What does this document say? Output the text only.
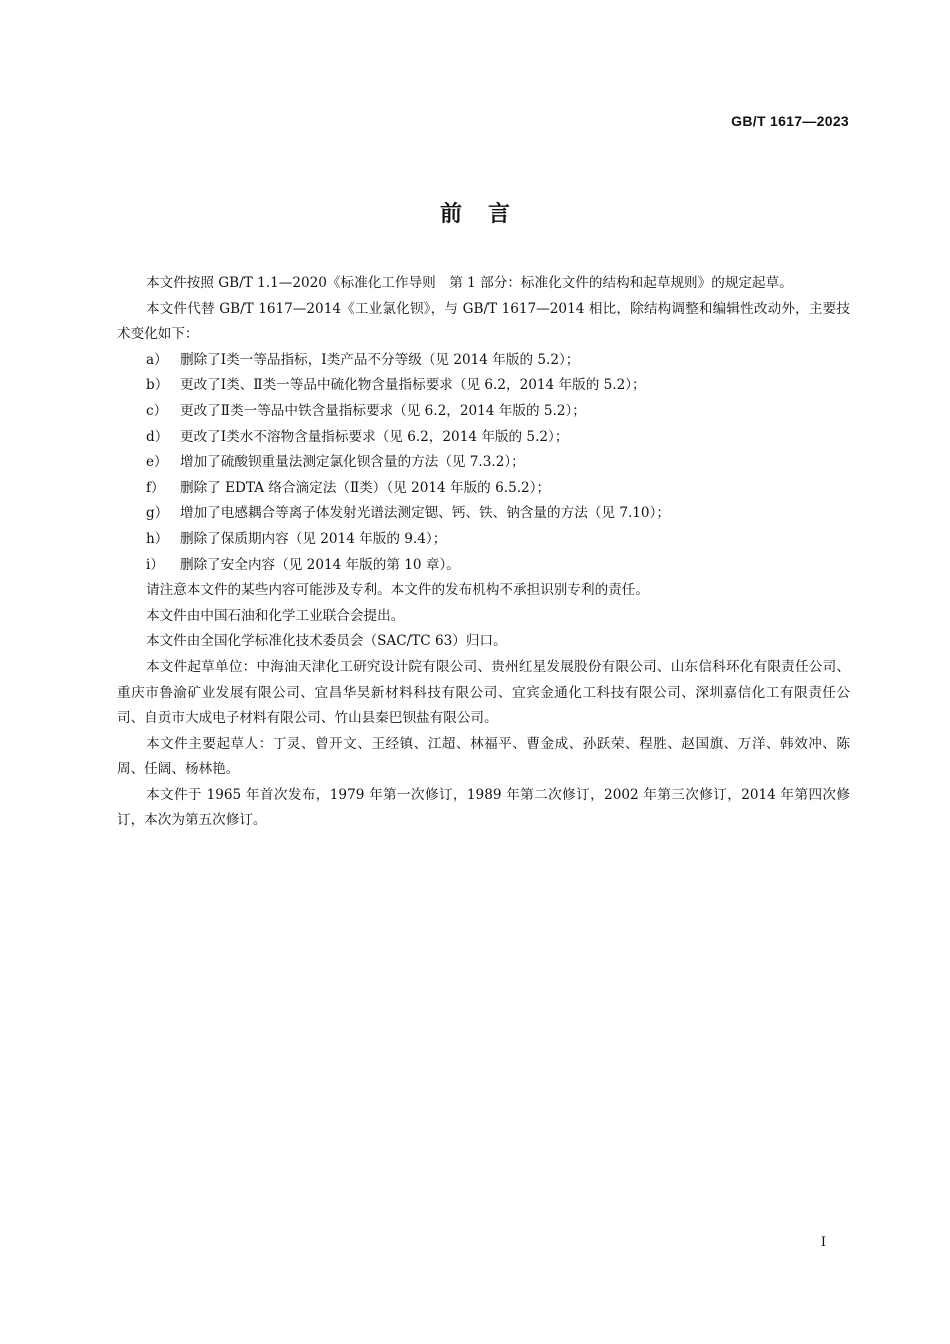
GB/T 1617—2023
前言

本文件按照 GB/T 1.1—2020《标准化工作导则　第 1 部分：标准化文件的结构和起草规则》的规定起草。

本文件代替 GB/T 1617—2014《工业氯化钡》，与 GB/T 1617—2014 相比，除结构调整和编辑性改动外，主要技术变化如下：

a） 删除了Ⅰ类一等品指标，Ⅰ类产品不分等级（见 2014 年版的 5.2）；

b） 更改了Ⅰ类、Ⅱ类一等品中硫化物含量指标要求（见 6.2，2014 年版的 5.2）；

c） 更改了Ⅱ类一等品中铁含量指标要求（见 6.2，2014 年版的 5.2）；

d） 更改了Ⅰ类水不溶物含量指标要求（见 6.2，2014 年版的 5.2）；

e） 增加了硫酸钡重量法测定氯化钡含量的方法（见 7.3.2）；

f） 删除了 EDTA 络合滴定法（Ⅱ类）（见 2014 年版的 6.5.2）；

g） 增加了电感耦合等离子体发射光谱法测定锶、钙、铁、钠含量的方法（见 7.10）；

h） 删除了保质期内容（见 2014 年版的 9.4）；

i） 删除了安全内容（见 2014 年版的第 10 章）。

请注意本文件的某些内容可能涉及专利。本文件的发布机构不承担识别专利的责任。

本文件由中国石油和化学工业联合会提出。

本文件由全国化学标准化技术委员会（SAC/TC 63）归口。

本文件起草单位：中海油天津化工研究设计院有限公司、贵州红星发展股份有限公司、山东信科环化有限责任公司、重庆市鲁渝矿业发展有限公司、宜昌华昊新材料科技有限公司、宜宾金通化工科技有限公司、深圳嘉信化工有限责任公司、自贡市大成电子材料有限公司、竹山县秦巴钡盐有限公司。

本文件主要起草人：丁灵、曾开文、王经镇、江超、林福平、曹金成、孙跃荣、程胜、赵国旗、万洋、韩效冲、陈周、任阔、杨林艳。

本文件于 1965 年首次发布，1979 年第一次修订，1989 年第二次修订，2002 年第三次修订，2014 年第四次修订，本次为第五次修订。

I
